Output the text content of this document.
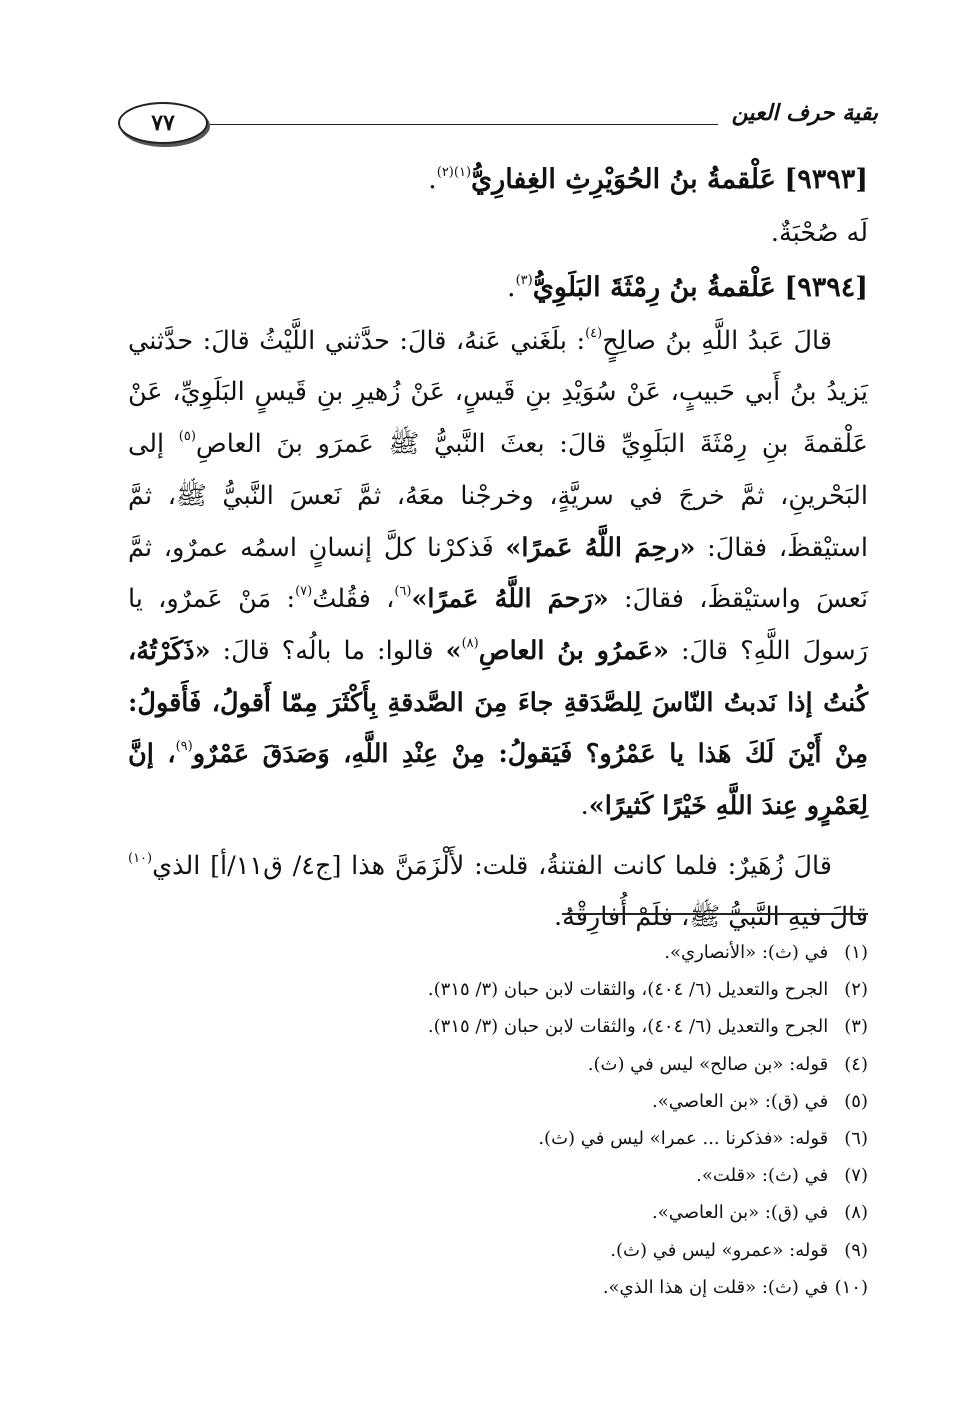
بقية حرف العين
٧٧

[٩٣٩٣] عَلْقمةُ بنُ الحُوَيْرِثِ الغِفارِيُّ$^{(١)(٢)}$.

لَه صُحْبَةٌ.

[٩٣٩٤] عَلْقمةُ بنُ رِمْثَةَ البَلَوِيُّ$^{(٣)}$.

قالَ عَبدُ اللَّهِ بنُ صالِحٍ$^{(٤)}$: بلَغَني عَنهُ، قالَ: حدَّثني اللَّيْثُ قالَ: حدَّثني يَزيدُ بنُ أَبي حَبيبٍ، عَنْ سُوَيْدِ بنِ قَيسٍ، عَنْ زُهيرِ بنِ قَيسٍ البَلَوِيِّ، عَنْ عَلْقمةَ بنِ رِمْثَةَ البَلَوِيِّ قالَ: بعثَ النَّبيُّ ﷺ عَمرَو بنَ العاصِ$^{(٥)}$ إلى البَحْرينِ، ثمَّ خرجَ في سريَّةٍ، وخرجْنا معَهُ، ثمَّ نَعسَ النَّبيُّ ﷺ، ثمَّ استيْقظَ، فقالَ: «رحِمَ اللَّهُ عَمرًا» فَذكرْنا كلَّ إنسانٍ اسمُه عمرٌو، ثمَّ نَعسَ واستيْقظَ، فقالَ: «رَحمَ اللَّهُ عَمرًا»$^{(٦)}$، فقُلتُ$^{(٧)}$: مَنْ عَمرٌو، يا رَسولَ اللَّهِ؟ قالَ: «عَمرُو بنُ العاصِ$^{(٨)}$» قالوا: ما بالُه؟ قالَ: «ذَكَرْتُهُ، كُنتُ إذا نَدبتُ النّاسَ لِلصَّدَقةِ جاءَ مِنَ الصَّدقةِ بِأَكْثَرَ مِمّا أَقولُ، فَأَقولُ: مِنْ أَيْنَ لَكَ هَذا يا عَمْرُو؟ فَيَقولُ: مِنْ عِنْدِ اللَّهِ، وَصَدَقَ عَمْرٌو$^{(٩)}$، إنَّ لِعَمْرٍو عِندَ اللَّهِ خَيْرًا كَثيرًا».

قالَ زُهَيرٌ: فلما كانت الفتنةُ، قلت: لأَلْزَمَنَّ هذا [ج٤/ ق١١/أ] الذي$^{(١٠)}$ قالَ فيهِ النَّبيُّ ﷺ، فلَمْ أُفارِقْهُ.

(١) في (ث): «الأنصاري».
(٢) الجرح والتعديل (٦/ ٤٠٤)، والثقات لابن حبان (٣/ ٣١٥).
(٣) الجرح والتعديل (٦/ ٤٠٤)، والثقات لابن حبان (٣/ ٣١٥).
(٤) قوله: «بن صالح» ليس في (ث).
(٥) في (ق): «بن العاصي».
(٦) قوله: «فذكرنا ... عمرا» ليس في (ث).
(٧) في (ث): «قلت».
(٨) في (ق): «بن العاصي».
(٩) قوله: «عمرو» ليس في (ث).
(١٠) في (ث): «قلت إن هذا الذي».
